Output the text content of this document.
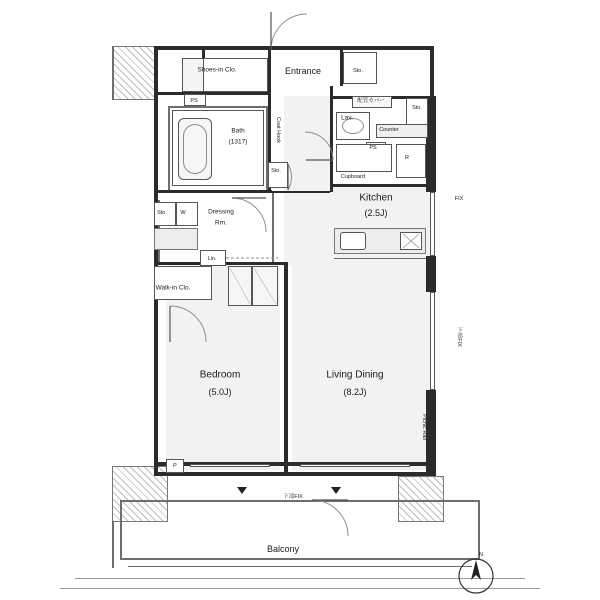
Shoes-in Clo.	Entrance	Sto.
PS	配管カバー
Sto.
Lav.
Counter
Bath
(1317)	Coat Hook
PS
R
Sto.
Cupboard
Kitchen
(2.5J)
Sto. W	Dressing
Rm.
Lin.
Walk-in Clo.
Bedroom
(5.0J)
Living Dining
(8.2J)
P
FIX
下部FIX
Picnic Rail
下部FIX
Balcony
N
